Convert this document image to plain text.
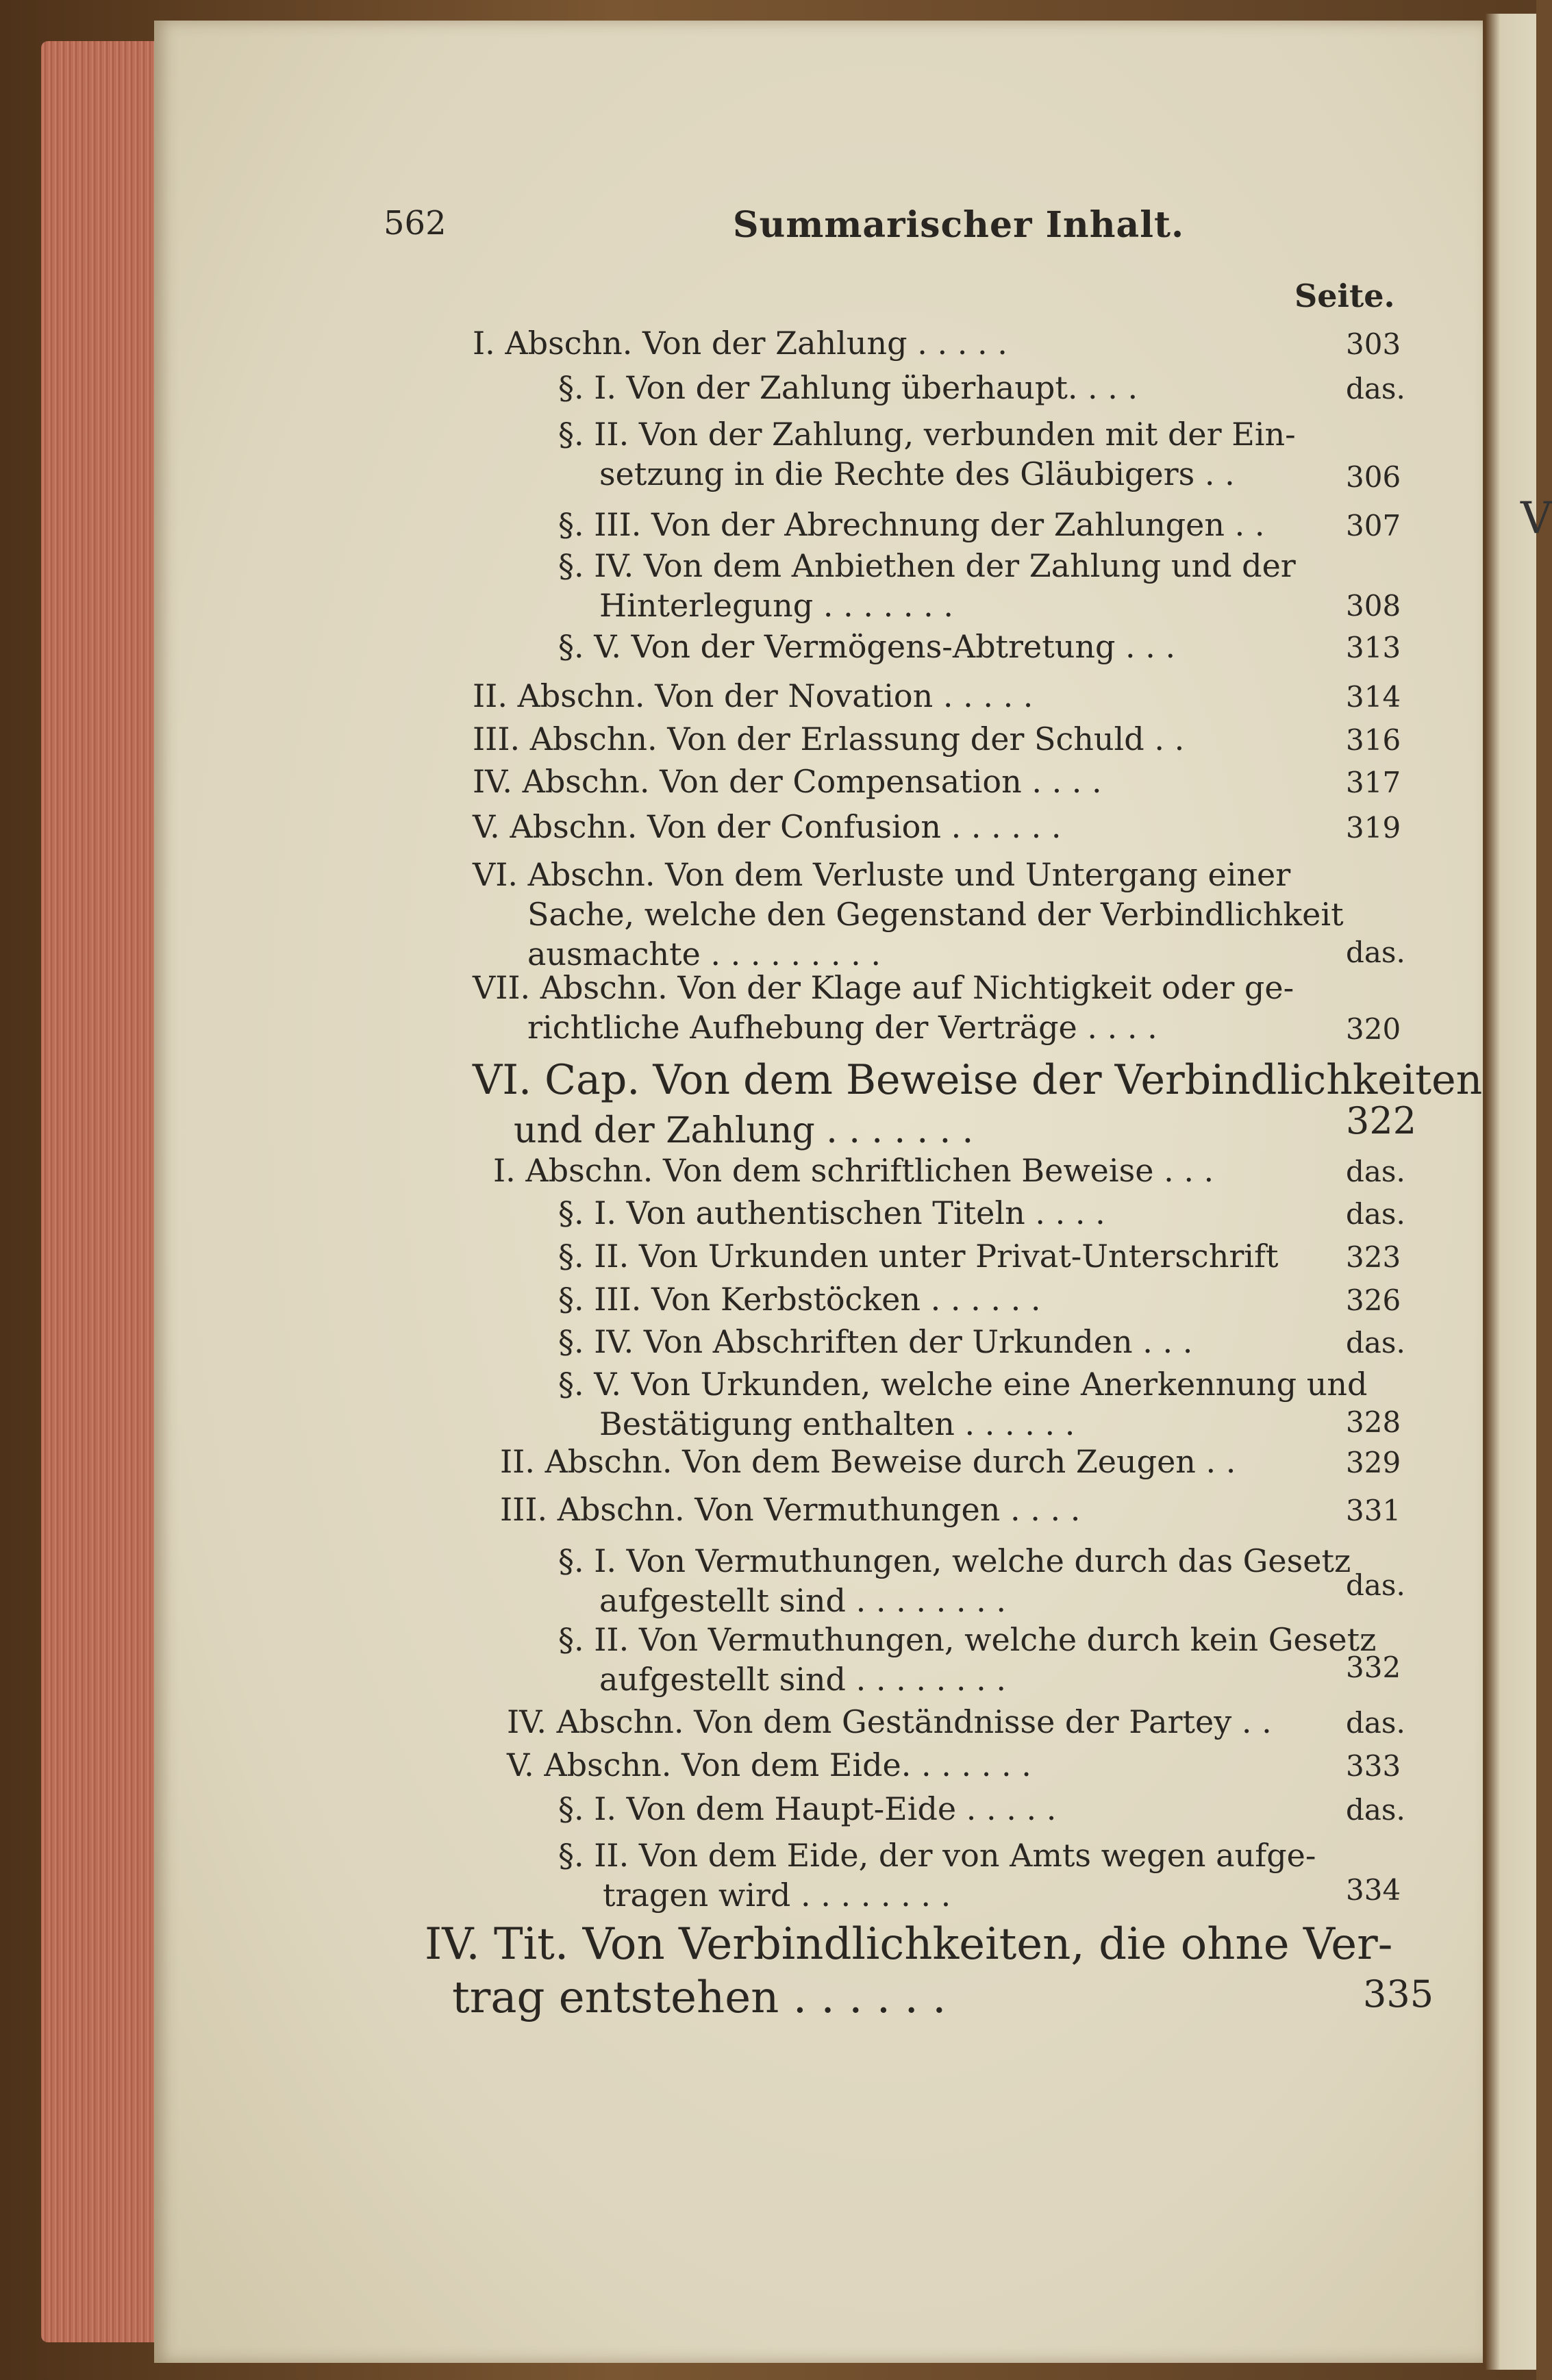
V
562	Summarischer Inhalt.
Seite.
I. Abschn. Von der Zahlung . . . . .	303
§. I. Von der Zahlung überhaupt. . . .	das.
§. II. Von der Zahlung, verbunden mit der Ein-
setzung in die Rechte des Gläubigers . .	306
§. III. Von der Abrechnung der Zahlungen . .	307
§. IV. Von dem Anbiethen der Zahlung und der
Hinterlegung . . . . . . .	308
§. V. Von der Vermögens-Abtretung . . .	313
II. Abschn. Von der Novation . . . . .	314
III. Abschn. Von der Erlassung der Schuld . .	316
IV. Abschn. Von der Compensation . . . .	317
V. Abschn. Von der Confusion . . . . . .	319
VI. Abschn. Von dem Verluste und Untergang einer
Sache, welche den Gegenstand der Verbindlichkeit
ausmachte . . . . . . . . .	das.
VII. Abschn. Von der Klage auf Nichtigkeit oder ge-
richtliche Aufhebung der Verträge . . . .	320
VI. Cap. Von dem Beweise der Verbindlichkeiten
und der Zahlung . . . . . . .	322
I. Abschn. Von dem schriftlichen Beweise . . .	das.
§. I. Von authentischen Titeln . . . .	das.
§. II. Von Urkunden unter Privat-Unterschrift 323
§. III. Von Kerbstöcken . . . . . .	326
§. IV. Von Abschriften der Urkunden . . .	das.
§. V. Von Urkunden, welche eine Anerkennung und
Bestätigung enthalten . . . . . .	328
II. Abschn. Von dem Beweise durch Zeugen . .	329
III. Abschn. Von Vermuthungen . . . .	331
§. I. Von Vermuthungen, welche durch das Gesetz
aufgestellt sind . . . . . . . .	das.
§. II. Von Vermuthungen, welche durch kein Gesetz
aufgestellt sind . . . . . . . .	332
IV. Abschn. Von dem Geständnisse der Partey . .	das.
V. Abschn. Von dem Eide. . . . . . .	333
§. I. Von dem Haupt-Eide . . . . .	das.
§. II. Von dem Eide, der von Amts wegen aufge-
tragen wird . . . . . . . .	334
IV. Tit. Von Verbindlichkeiten, die ohne Ver-
trag entstehen . . . . . .	335
